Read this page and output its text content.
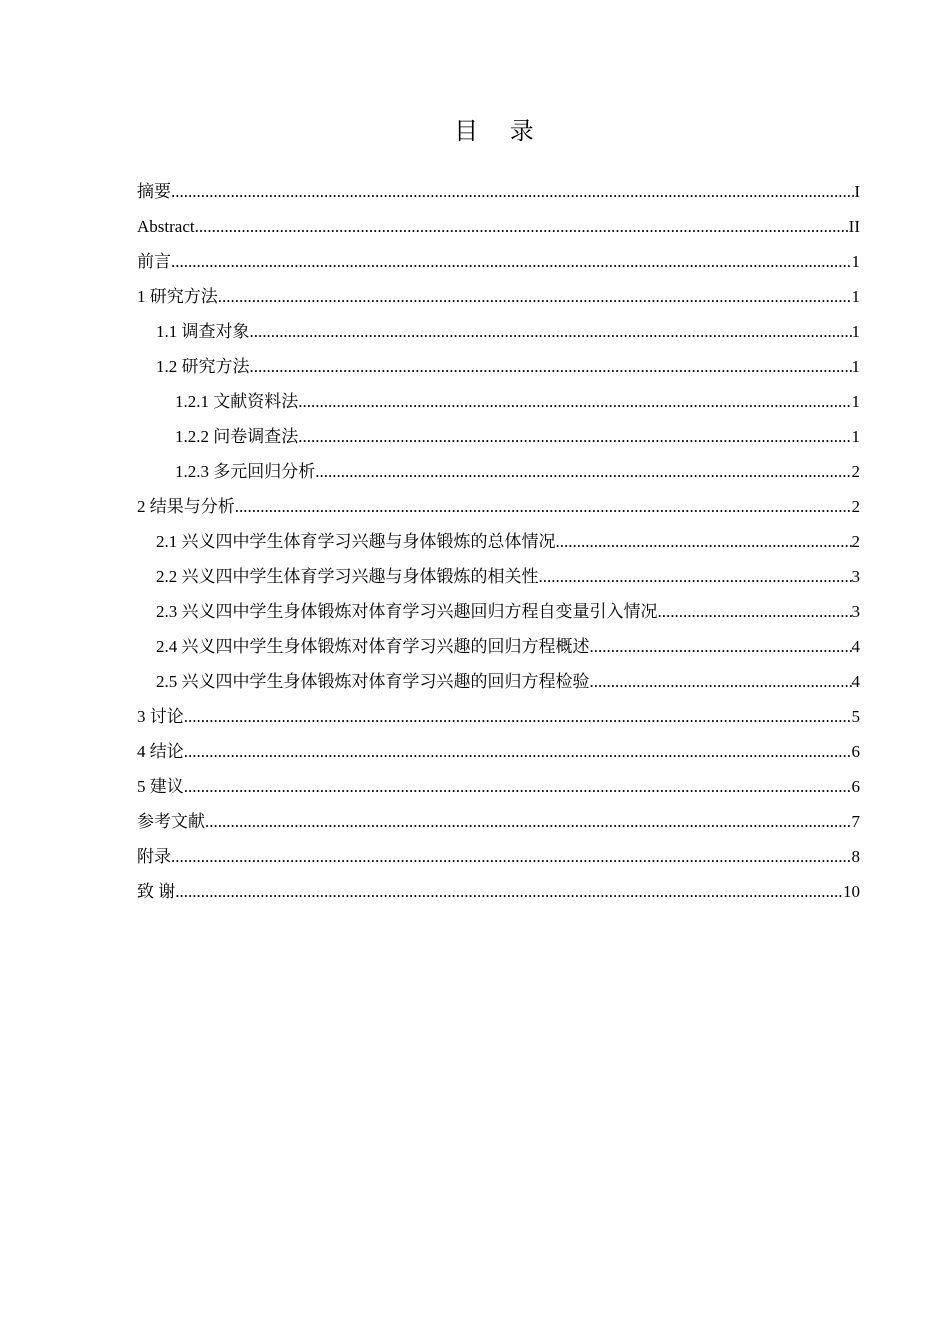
目 录
摘要 .....	I
Abstract .....	II
前言 .....	1
1 研究方法 .....	1
1.1 调查对象 .....	1
1.2 研究方法 .....	1
1.2.1 文献资料法 .....	1
1.2.2 问卷调查法 .....	1
1.2.3 多元回归分析 .....	2
2 结果与分析 .....	2
2.1 兴义四中学生体育学习兴趣与身体锻炼的总体情况 .....	2
2.2 兴义四中学生体育学习兴趣与身体锻炼的相关性 .....	3
2.3 兴义四中学生身体锻炼对体育学习兴趣回归方程自变量引入情况 .....	3
2.4 兴义四中学生身体锻炼对体育学习兴趣的回归方程概述 .....	4
2.5 兴义四中学生身体锻炼对体育学习兴趣的回归方程检验 .....	4
3 讨论 .....	5
4 结论 .....	6
5 建议 .....	6
参考文献 .....	7
附录 .....	8
致 谢 .....	10
